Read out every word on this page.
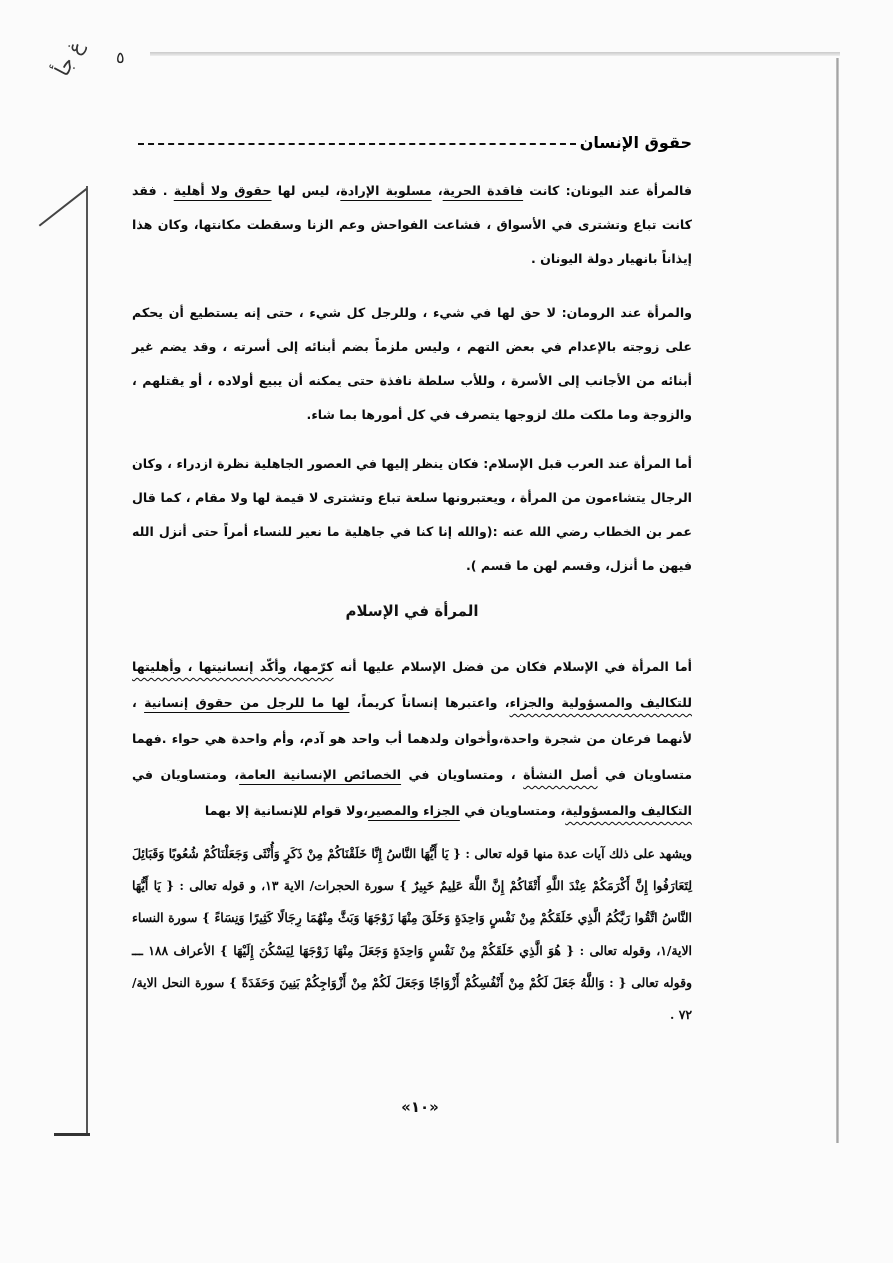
غ جأ	٥
حقوق الإنسان

فالمرأة عند اليونان: كانت فاقدة الحرية، مسلوبة الإرادة، ليس لها حقوق ولا أهلية . فقد كانت تباع وتشترى في الأسواق ، فشاعت الفواحش وعم الزنا وسقطت مكانتها، وكان هذا إيذاناً بانهيار دولة اليونان .

والمرأة عند الرومان: لا حق لها في شيء ، وللرجل كل شيء ، حتى إنه يستطيع أن يحكم على زوجته بالإعدام في بعض التهم ، وليس ملزماً بضم أبنائه إلى أسرته ، وقد يضم غير أبنائه من الأجانب إلى الأسرة ، وللأب سلطة نافذة حتى يمكنه أن يبيع أولاده ، أو يقتلهم ، والزوجة وما ملكت ملك لزوجها يتصرف في كل أمورها بما شاء.

أما المرأة عند العرب قبل الإسلام: فكان ينظر إليها في العصور الجاهلية نظرة ازدراء ، وكان الرجال يتشاءمون من المرأة ، ويعتبرونها سلعة تباع وتشترى لا قيمة لها ولا مقام ، كما قال عمر بن الخطاب رضي الله عنه :(والله إنا كنا في جاهلية ما نعير للنساء أمراً حتى أنزل الله فيهن ما أنزل، وقسم لهن ما قسم ).

المرأة في الإسلام

أما المرأة في الإسلام فكان من فضل الإسلام عليها أنه كرّمها، وأكّد إنسانيتها ، وأهليتها للتكاليف والمسؤولية والجزاء، واعتبرها إنساناً كريماً، لها ما للرجل من حقوق إنسانية ، لأنهما فرعان من شجرة واحدة،وأخوان ولدهما أب واحد هو آدم، وأم واحدة هي حواء .فهما متساويان في أصل النشأة ، ومتساويان في الخصائص الإنسانية العامة، ومتساويان في التكاليف والمسؤولية، ومتساويان في الجزاء والمصير،ولا قوام للإنسانية إلا بهما

ويشهد على ذلك آيات عدة منها قوله تعالى : { يَا أَيُّهَا النَّاسُ إِنَّا خَلَقْنَاكُمْ مِنْ ذَكَرٍ وَأُنْثَى وَجَعَلْنَاكُمْ شُعُوبًا وَقَبَائِلَ لِتَعَارَفُوا إِنَّ أَكْرَمَكُمْ عِنْدَ اللَّهِ أَتْقَاكُمْ إِنَّ اللَّهَ عَلِيمٌ خَبِيرٌ } سورة الحجرات/ الاية ١٣، و قوله تعالى : { يَا أَيُّهَا النَّاسُ اتَّقُوا رَبَّكُمُ الَّذِي خَلَقَكُمْ مِنْ نَفْسٍ وَاحِدَةٍ وَخَلَقَ مِنْهَا زَوْجَهَا وَبَثَّ مِنْهُمَا رِجَالًا كَثِيرًا وَنِسَاءً } سورة النساء الاية/١، وقوله تعالى : { هُوَ الَّذِي خَلَقَكُمْ مِنْ نَفْسٍ وَاحِدَةٍ وَجَعَلَ مِنْهَا زَوْجَهَا لِيَسْكُنَ إِلَيْهَا } الأعراف ١٨٨ ـــ وقوله تعالى { : وَاللَّهُ جَعَلَ لَكُمْ مِنْ أَنْفُسِكُمْ أَزْوَاجًا وَجَعَلَ لَكُمْ مِنْ أَزْوَاجِكُمْ بَنِينَ وَحَفَدَةً } سورة النحل الاية/ ٧٢ .

«١٠»
